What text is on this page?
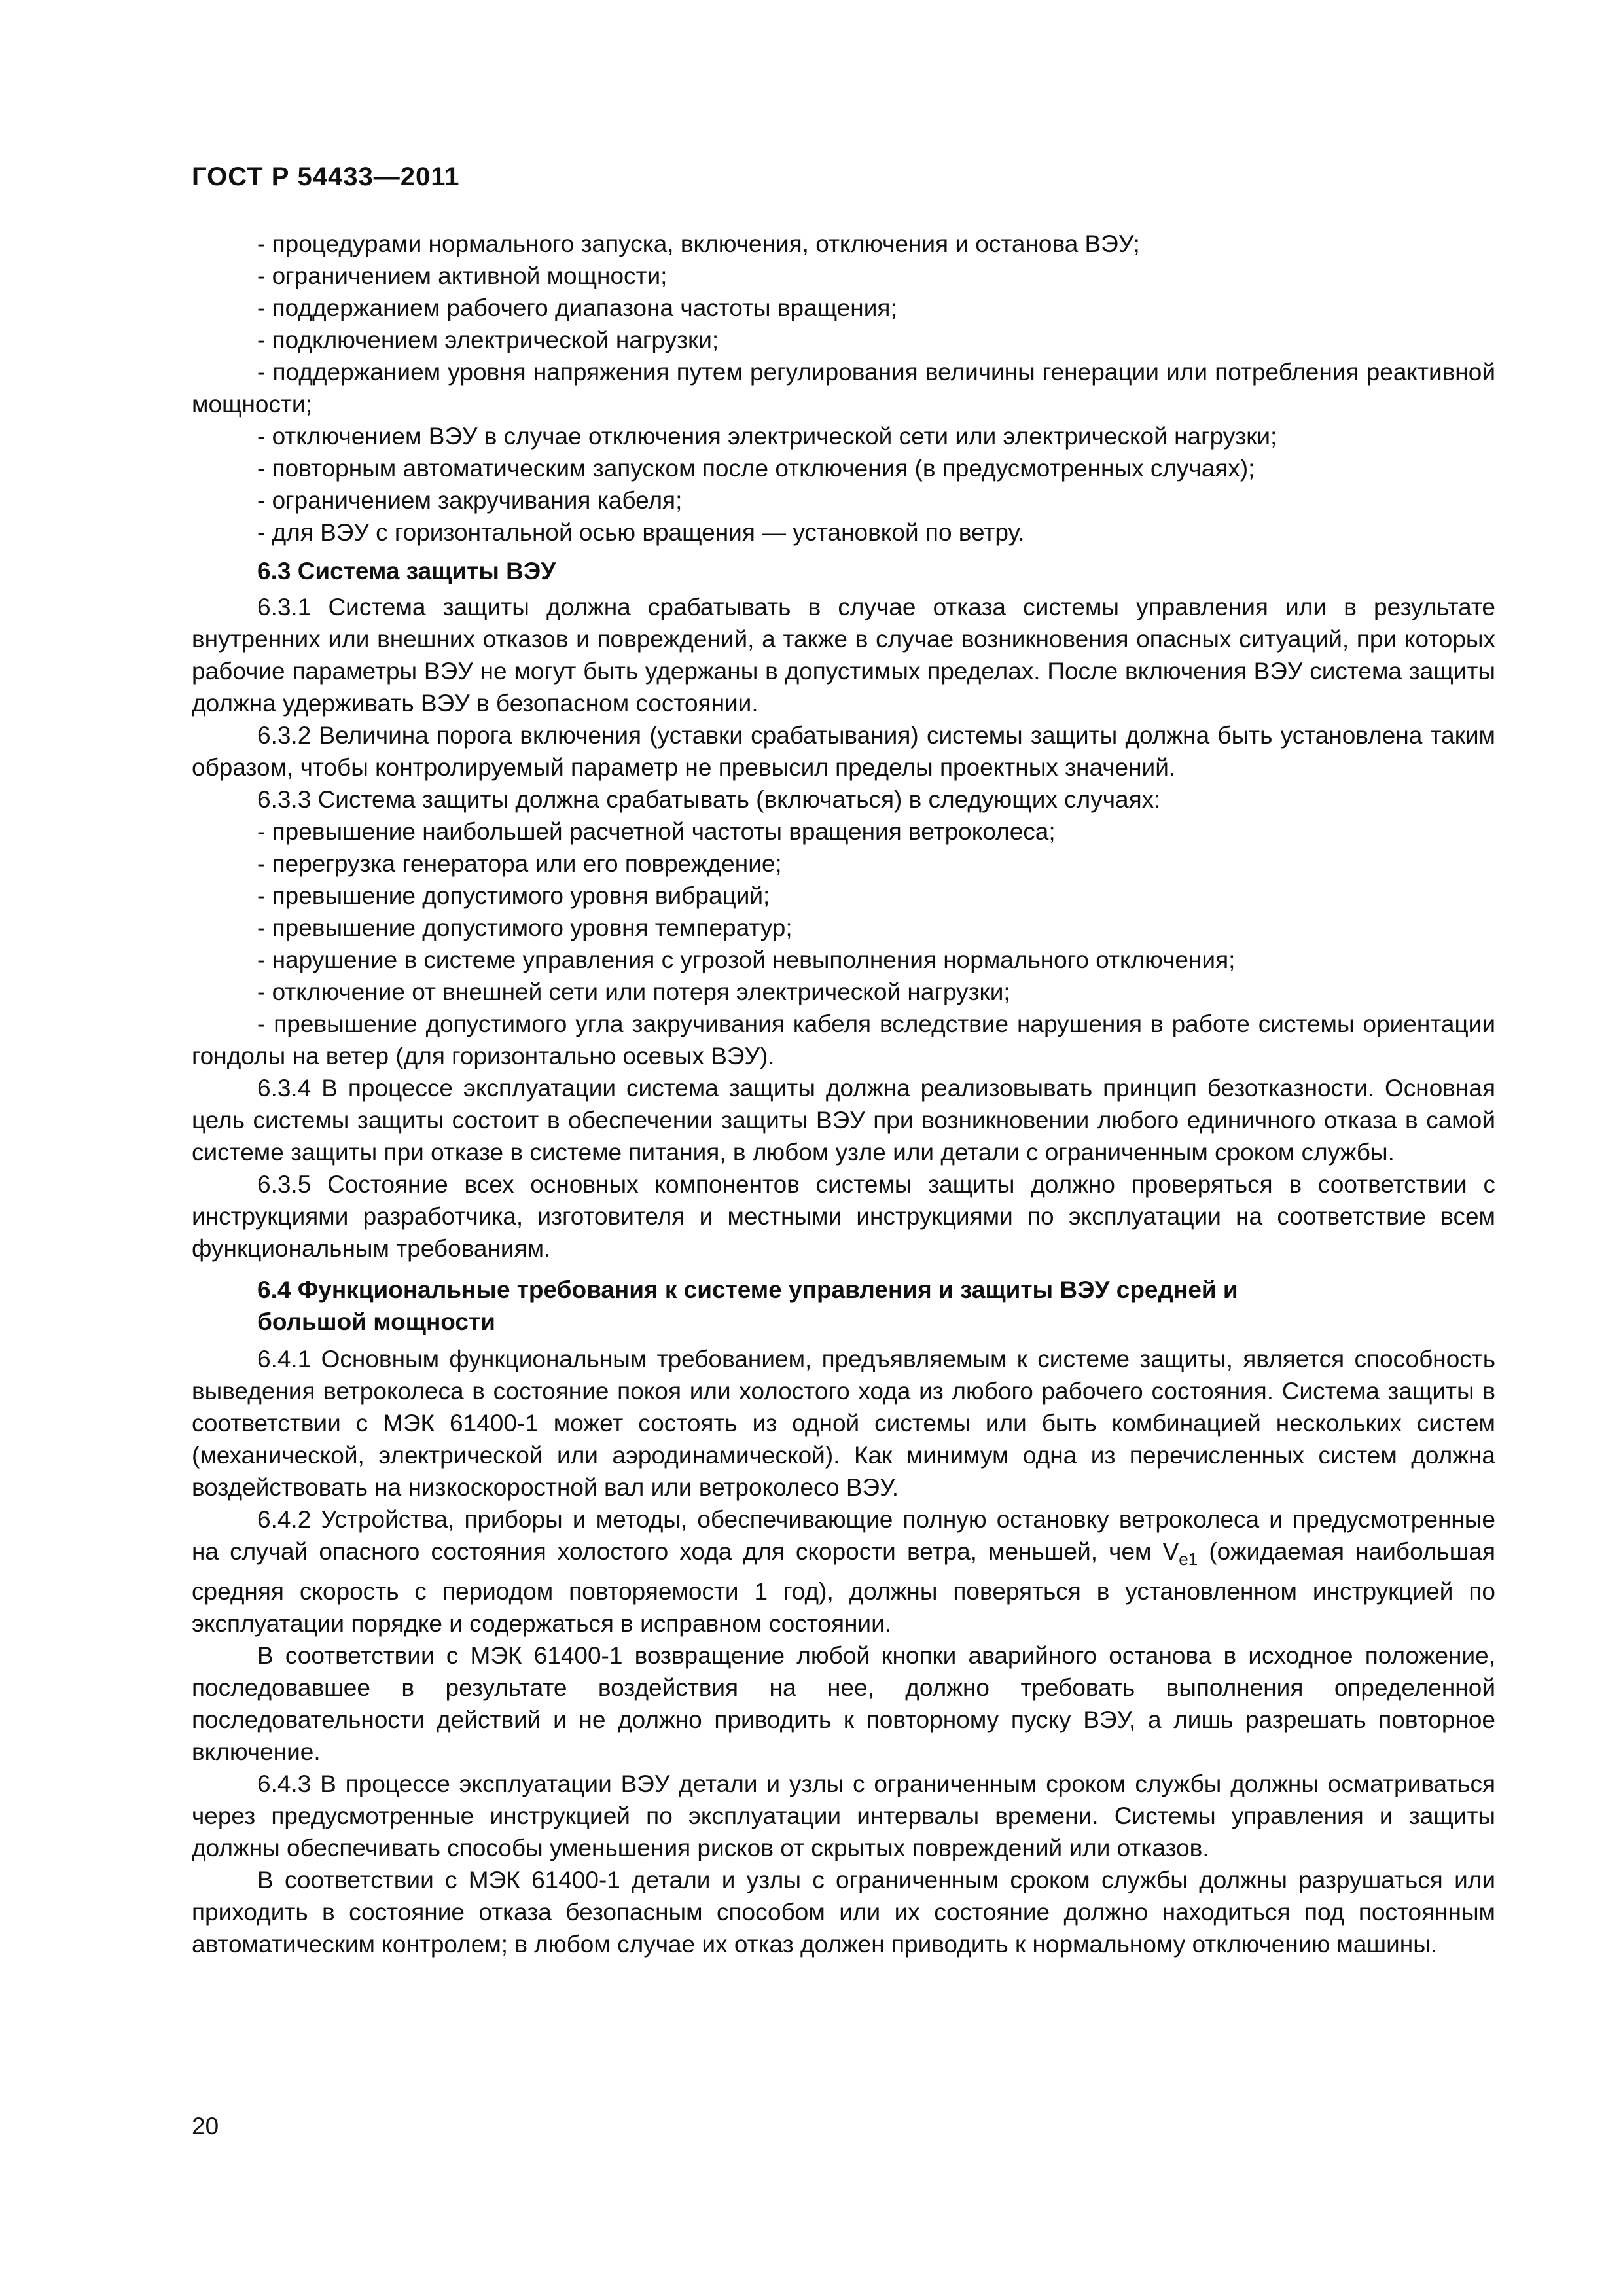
ГОСТ Р 54433—2011

- процедурами нормального запуска, включения, отключения и останова ВЭУ;

- ограничением активной мощности;

- поддержанием рабочего диапазона частоты вращения;

- подключением электрической нагрузки;

- поддержанием уровня напряжения путем регулирования величины генерации или потребления реактивной мощности;

- отключением ВЭУ в случае отключения электрической сети или электрической нагрузки;

- повторным автоматическим запуском после отключения (в предусмотренных случаях);

- ограничением закручивания кабеля;

- для ВЭУ с горизонтальной осью вращения — установкой по ветру.

6.3 Система защиты ВЭУ

6.3.1 Система защиты должна срабатывать в случае отказа системы управления или в результате внутренних или внешних отказов и повреждений, а также в случае возникновения опасных ситуаций, при которых рабочие параметры ВЭУ не могут быть удержаны в допустимых пределах. После включения ВЭУ система защиты должна удерживать ВЭУ в безопасном состоянии.

6.3.2 Величина порога включения (уставки срабатывания) системы защиты должна быть установлена таким образом, чтобы контролируемый параметр не превысил пределы проектных значений.

6.3.3 Система защиты должна срабатывать (включаться) в следующих случаях:

- превышение наибольшей расчетной частоты вращения ветроколеса;

- перегрузка генератора или его повреждение;

- превышение допустимого уровня вибраций;

- превышение допустимого уровня температур;

- нарушение в системе управления с угрозой невыполнения нормального отключения;

- отключение от внешней сети или потеря электрической нагрузки;

- превышение допустимого угла закручивания кабеля вследствие нарушения в работе системы ориентации гондолы на ветер (для горизонтально осевых ВЭУ).

6.3.4 В процессе эксплуатации система защиты должна реализовывать принцип безотказности. Основная цель системы защиты состоит в обеспечении защиты ВЭУ при возникновении любого единичного отказа в самой системе защиты при отказе в системе питания, в любом узле или детали с ограниченным сроком службы.

6.3.5 Состояние всех основных компонентов системы защиты должно проверяться в соответствии с инструкциями разработчика, изготовителя и местными инструкциями по эксплуатации на соответствие всем функциональным требованиям.

6.4 Функциональные требования к системе управления и защиты ВЭУ средней и
большой мощности

6.4.1 Основным функциональным требованием, предъявляемым к системе защиты, является способность выведения ветроколеса в состояние покоя или холостого хода из любого рабочего состояния. Система защиты в соответствии с МЭК 61400-1 может состоять из одной системы или быть комбинацией нескольких систем (механической, электрической или аэродинамической). Как минимум одна из перечисленных систем должна воздействовать на низкоскоростной вал или ветроколесо ВЭУ.

6.4.2 Устройства, приборы и методы, обеспечивающие полную остановку ветроколеса и предусмотренные на случай опасного состояния холостого хода для скорости ветра, меньшей, чем $V_{e1}$ (ожидаемая наибольшая средняя скорость с периодом повторяемости 1 год), должны поверяться в установленном инструкцией по эксплуатации порядке и содержаться в исправном состоянии.

В соответствии с МЭК 61400-1 возвращение любой кнопки аварийного останова в исходное положение, последовавшее в результате воздействия на нее, должно требовать выполнения определенной последовательности действий и не должно приводить к повторному пуску ВЭУ, а лишь разрешать повторное включение.

6.4.3 В процессе эксплуатации ВЭУ детали и узлы с ограниченным сроком службы должны осматриваться через предусмотренные инструкцией по эксплуатации интервалы времени. Системы управления и защиты должны обеспечивать способы уменьшения рисков от скрытых повреждений или отказов.

В соответствии с МЭК 61400-1 детали и узлы с ограниченным сроком службы должны разрушаться или приходить в состояние отказа безопасным способом или их состояние должно находиться под постоянным автоматическим контролем; в любом случае их отказ должен приводить к нормальному отключению машины.

20
